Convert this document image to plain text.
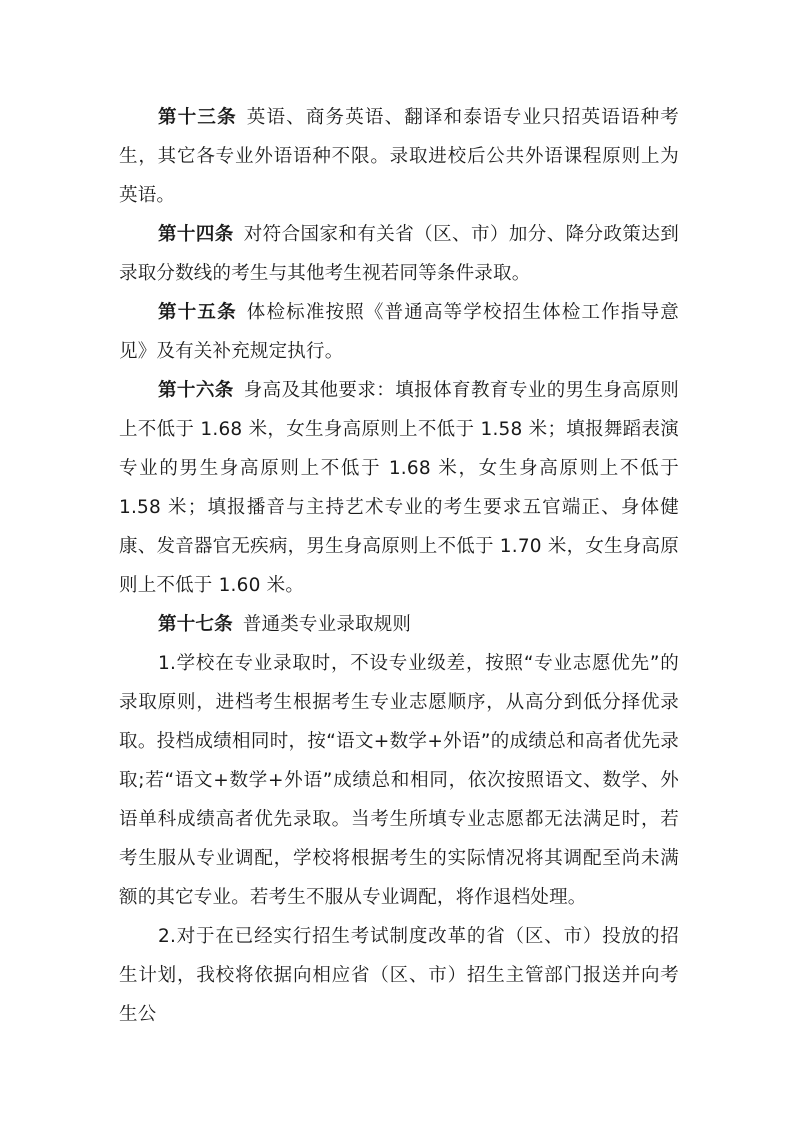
第十三条 英语、商务英语、翻译和泰语专业只招英语语种考生，其它各专业外语语种不限。录取进校后公共外语课程原则上为英语。

第十四条 对符合国家和有关省（区、市）加分、降分政策达到录取分数线的考生与其他考生视若同等条件录取。

第十五条 体检标准按照《普通高等学校招生体检工作指导意见》及有关补充规定执行。

第十六条 身高及其他要求：填报体育教育专业的男生身高原则上不低于 1.68 米，女生身高原则上不低于 1.58 米；填报舞蹈表演专业的男生身高原则上不低于 1.68 米，女生身高原则上不低于 1.58 米；填报播音与主持艺术专业的考生要求五官端正、身体健康、发音器官无疾病，男生身高原则上不低于 1.70 米，女生身高原则上不低于 1.60 米。

第十七条 普通类专业录取规则

1.学校在专业录取时，不设专业级差，按照“专业志愿优先”的录取原则，进档考生根据考生专业志愿顺序，从高分到低分择优录取。投档成绩相同时，按“语文+数学+外语”的成绩总和高者优先录取;若“语文+数学+外语”成绩总和相同，依次按照语文、数学、外语单科成绩高者优先录取。当考生所填专业志愿都无法满足时，若考生服从专业调配，学校将根据考生的实际情况将其调配至尚未满额的其它专业。若考生不服从专业调配，将作退档处理。

2.对于在已经实行招生考试制度改革的省（区、市）投放的招生计划，我校将依据向相应省（区、市）招生主管部门报送并向考生公
